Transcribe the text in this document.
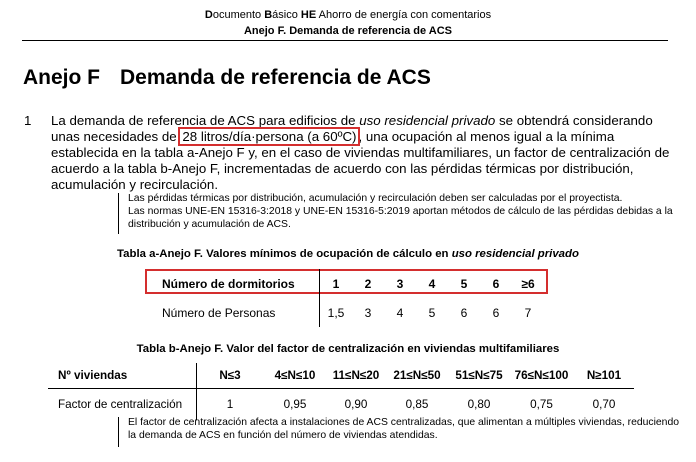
Documento Básico HE Ahorro de energía con comentarios
Anejo F. Demanda de referencia de ACS
Anejo F Demanda de referencia de ACS
1 La demanda de referencia de ACS para edificios de uso residencial privado se obtendrá considerando unas necesidades de 28 litros/día·persona (a 60ºC) , una ocupación al menos igual a la mínima establecida en la tabla a-Anejo F y, en el caso de viviendas multifamiliares, un factor de centralización de acuerdo a la tabla b-Anejo F, incrementadas de acuerdo con las pérdidas térmicas por distribución, acumulación y recirculación.

Las pérdidas térmicas por distribución, acumulación y recirculación deben ser calculadas por el proyectista.

Las normas UNE-EN 15316-3:2018 y UNE-EN 15316-5:2019 aportan métodos de cálculo de las pérdidas debidas a la distribución y acumulación de ACS.

Tabla a-Anejo F. Valores mínimos de ocupación de cálculo en uso residencial privado
Número de dormitorios	1	2	3	4	5	6	≥6
Número de Personas	1,5	3	4	5	6	6	7
Tabla b-Anejo F. Valor del factor de centralización en viviendas multifamiliares
Nº viviendas	N≤3	4≤N≤10	11≤N≤20	21≤N≤50	51≤N≤75	76≤N≤100	N≥101
Factor de centralización	1	0,95	0,90	0,85	0,80	0,75	0,70

El factor de centralización afecta a instalaciones de ACS centralizadas, que alimentan a múltiples viviendas, reduciendo la demanda de ACS en función del número de viviendas atendidas.
